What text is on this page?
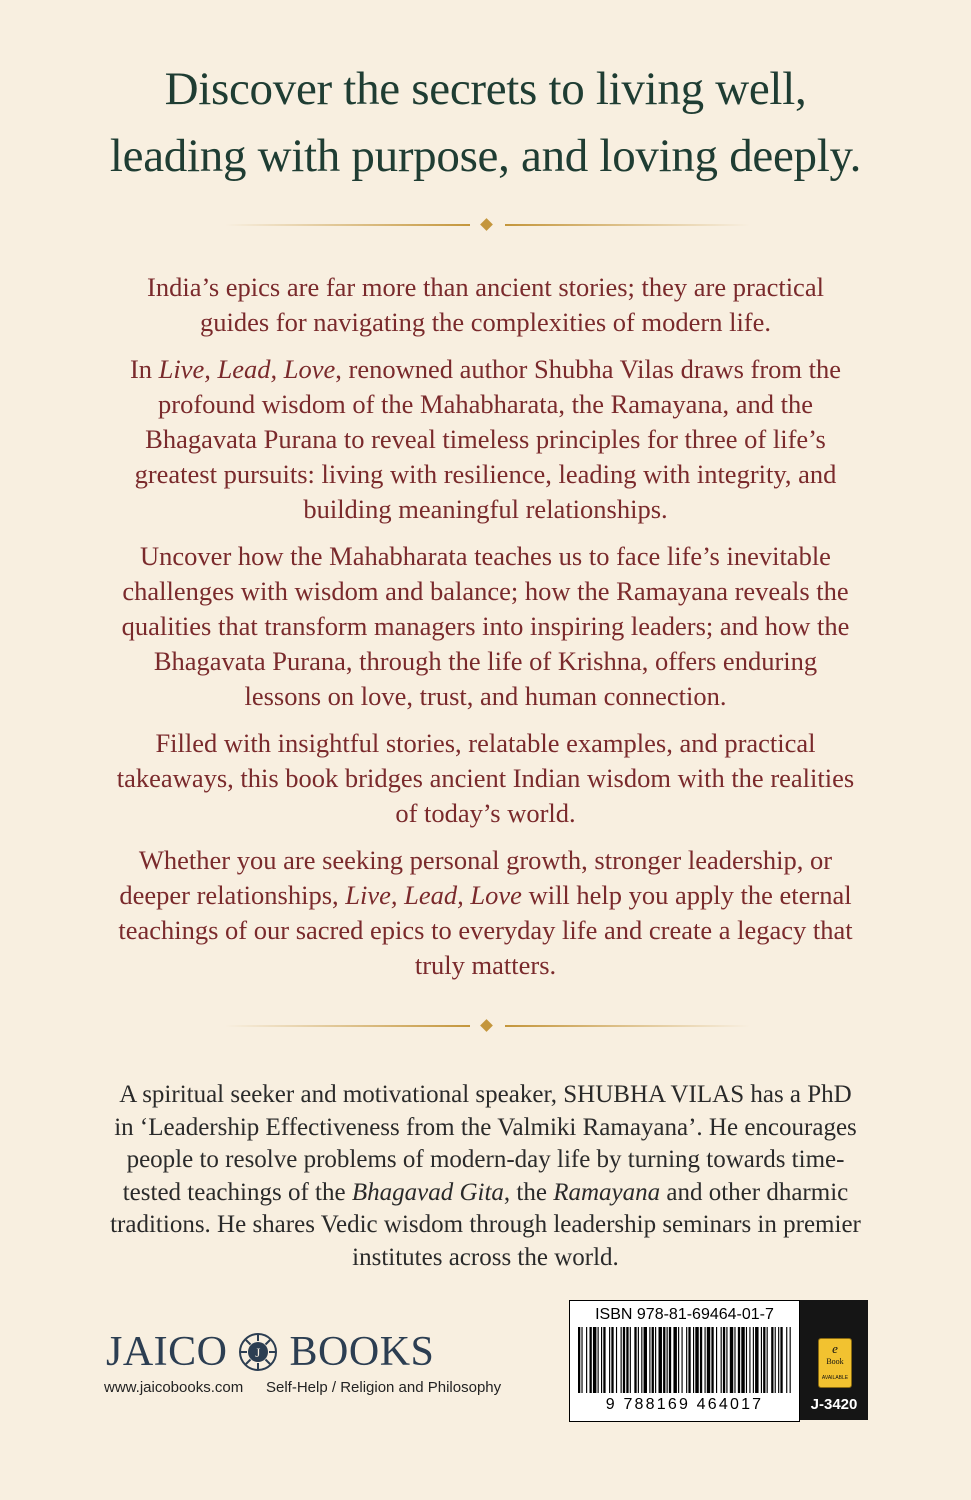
Discover the secrets to living well,
leading with purpose, and loving deeply.

India’s epics are far more than ancient stories; they are practical
guides for navigating the complexities of modern life.

In Live, Lead, Love, renowned author Shubha Vilas draws from the
profound wisdom of the Mahabharata, the Ramayana, and the
Bhagavata Purana to reveal timeless principles for three of life’s
greatest pursuits: living with resilience, leading with integrity, and
building meaningful relationships.

Uncover how the Mahabharata teaches us to face life’s inevitable
challenges with wisdom and balance; how the Ramayana reveals the
qualities that transform managers into inspiring leaders; and how the
Bhagavata Purana, through the life of Krishna, offers enduring
lessons on love, trust, and human connection.

Filled with insightful stories, relatable examples, and practical
takeaways, this book bridges ancient Indian wisdom with the realities
of today’s world.

Whether you are seeking personal growth, stronger leadership, or
deeper relationships, Live, Lead, Love will help you apply the eternal
teachings of our sacred epics to everyday life and create a legacy that
truly matters.

A spiritual seeker and motivational speaker, SHUBHA VILAS has a PhD
in ‘Leadership Effectiveness from the Valmiki Ramayana’. He encourages
people to resolve problems of modern-day life by turning towards time-
tested teachings of the Bhagavad Gita, the Ramayana and other dharmic
traditions. He shares Vedic wisdom through leadership seminars in premier
institutes across the world.
JAICO J BOOKS
www.jaicobooks.com Self-Help / Religion and Philosophy
ISBN 978-81-69464-01-7
9 788169 464017
e
Book
AVAILABLE
J-3420
